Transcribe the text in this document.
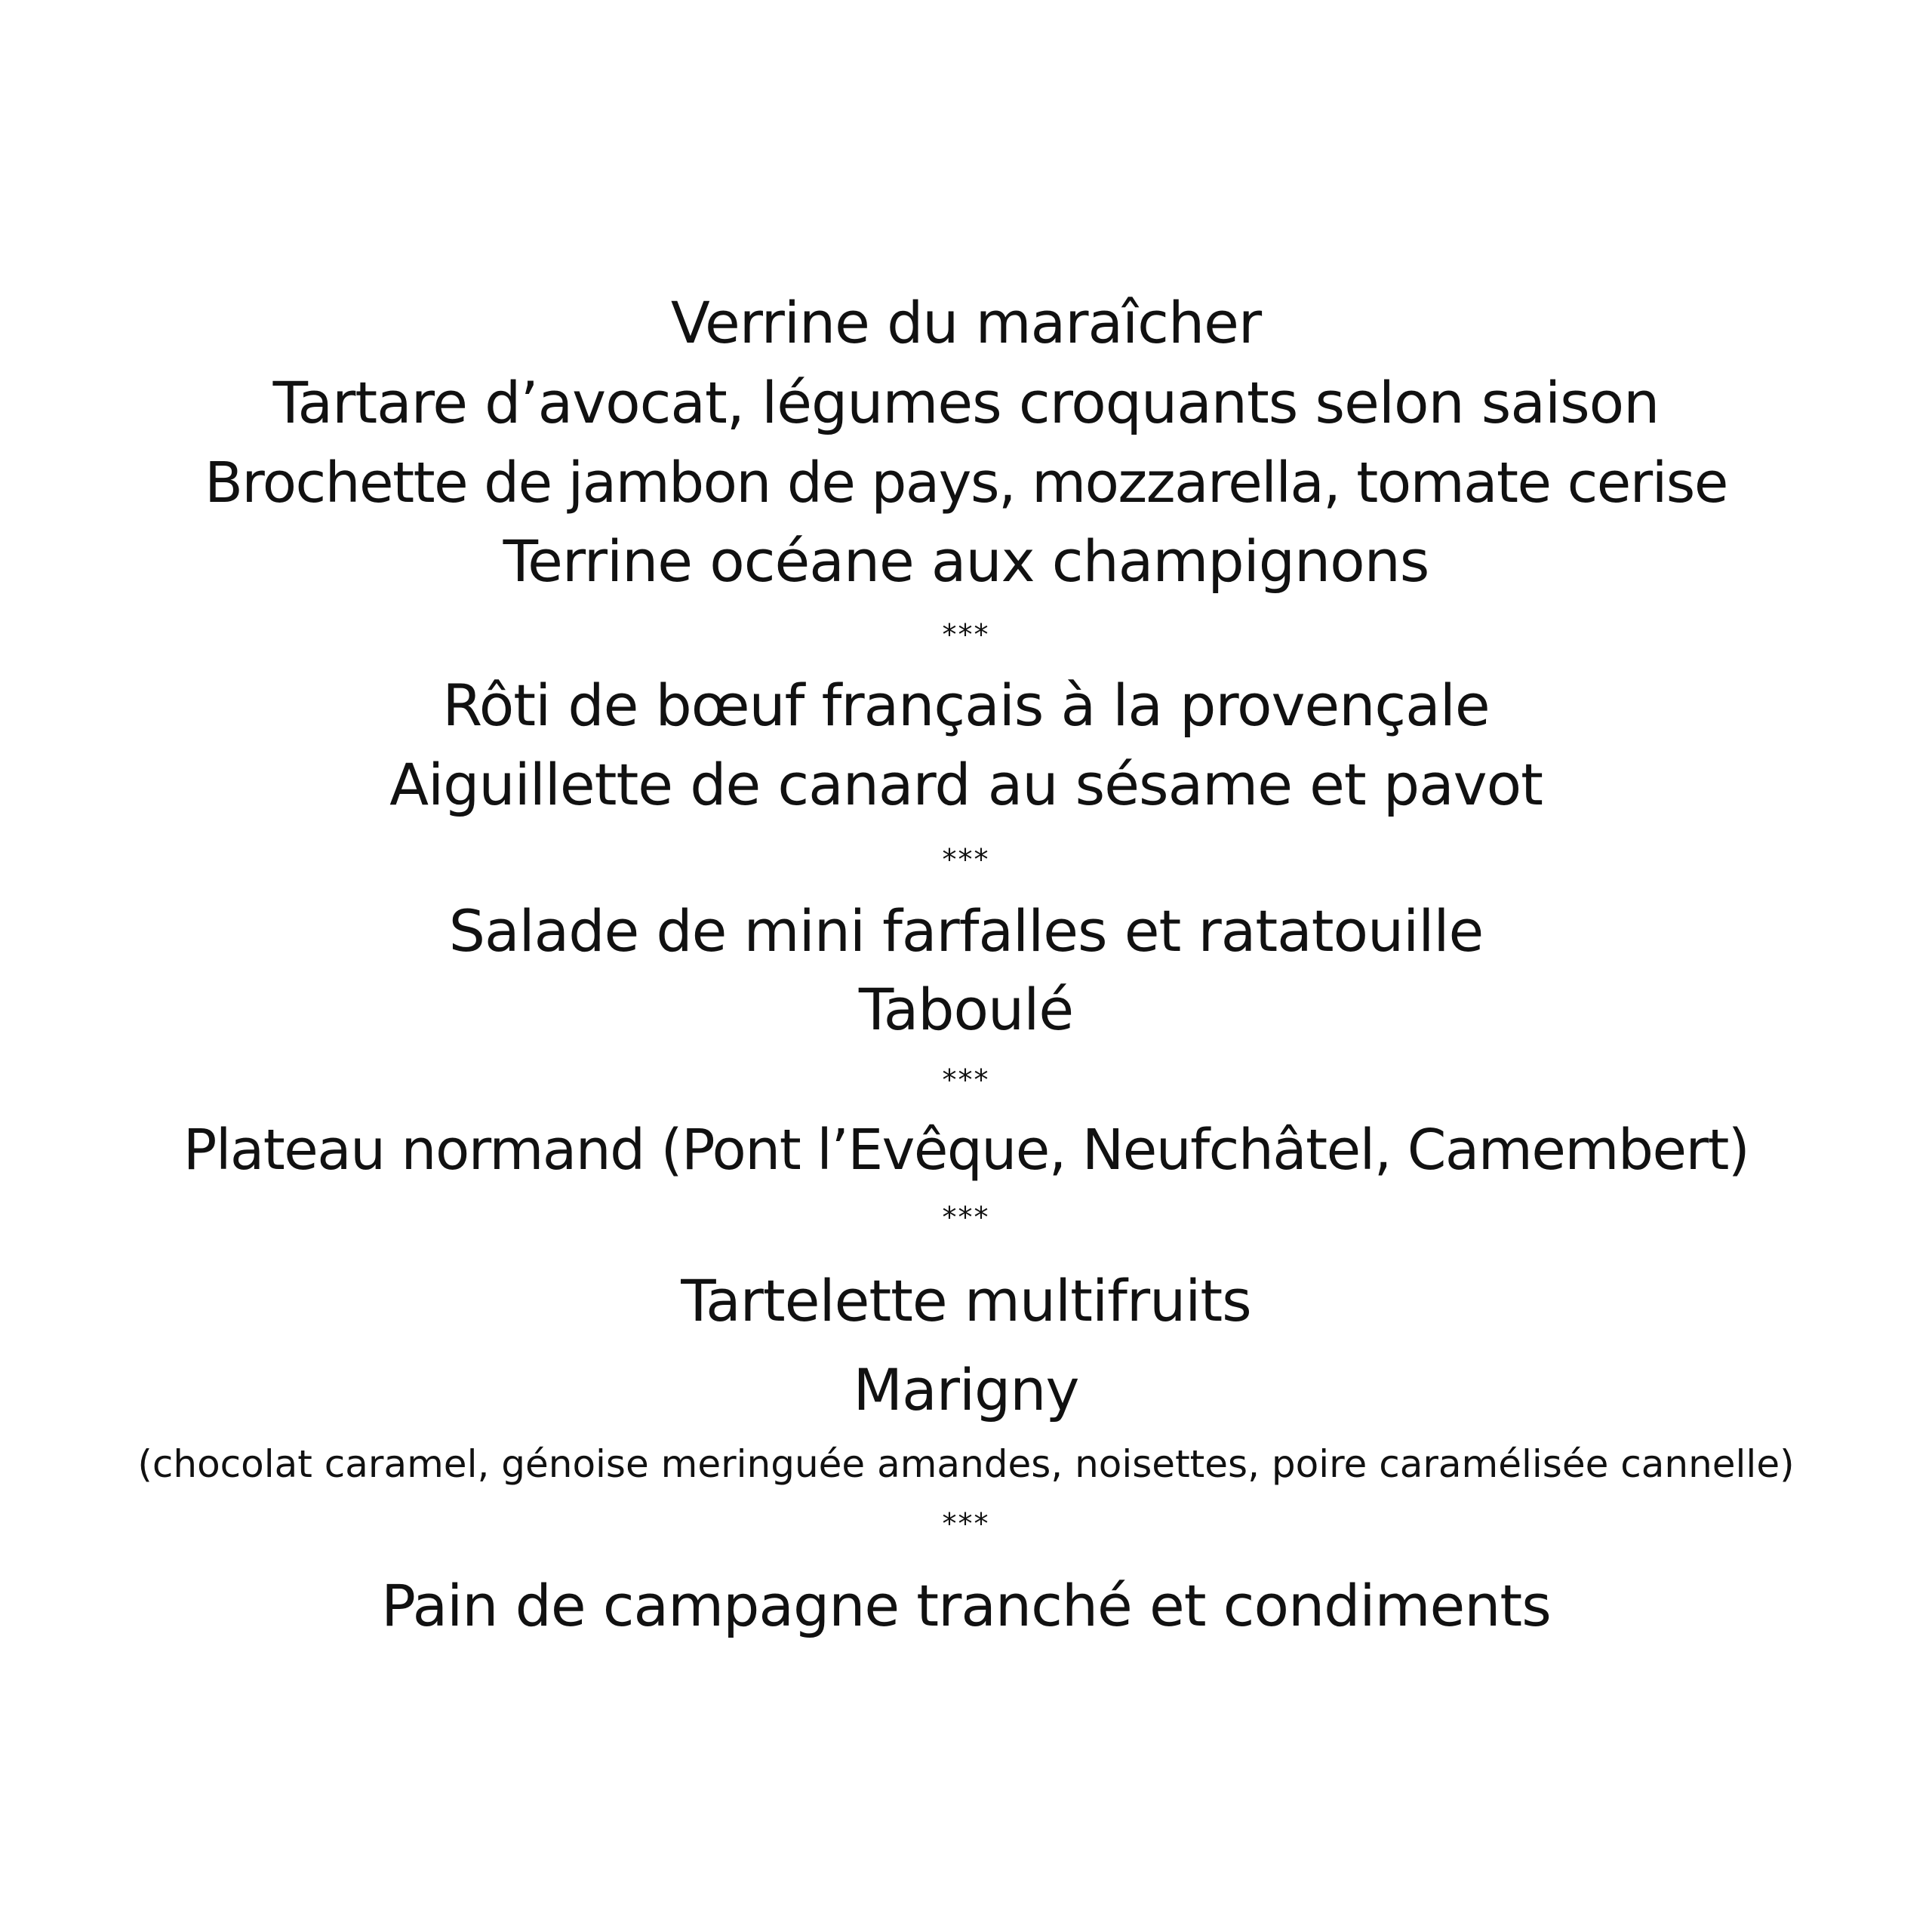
Verrine du maraîcher
Tartare d’avocat, légumes croquants selon saison
Brochette de jambon de pays, mozzarella, tomate cerise
Terrine océane aux champignons
***
Rôti de bœuf français à la provençale
Aiguillette de canard au sésame et pavot
***
Salade de mini farfalles et ratatouille
Taboulé
***
Plateau normand (Pont l’Evêque, Neufchâtel, Camembert)
***
Tartelette multifruits
Marigny
(chocolat caramel, génoise meringuée amandes, noisettes, poire caramélisée cannelle)
***
Pain de campagne tranché et condiments
